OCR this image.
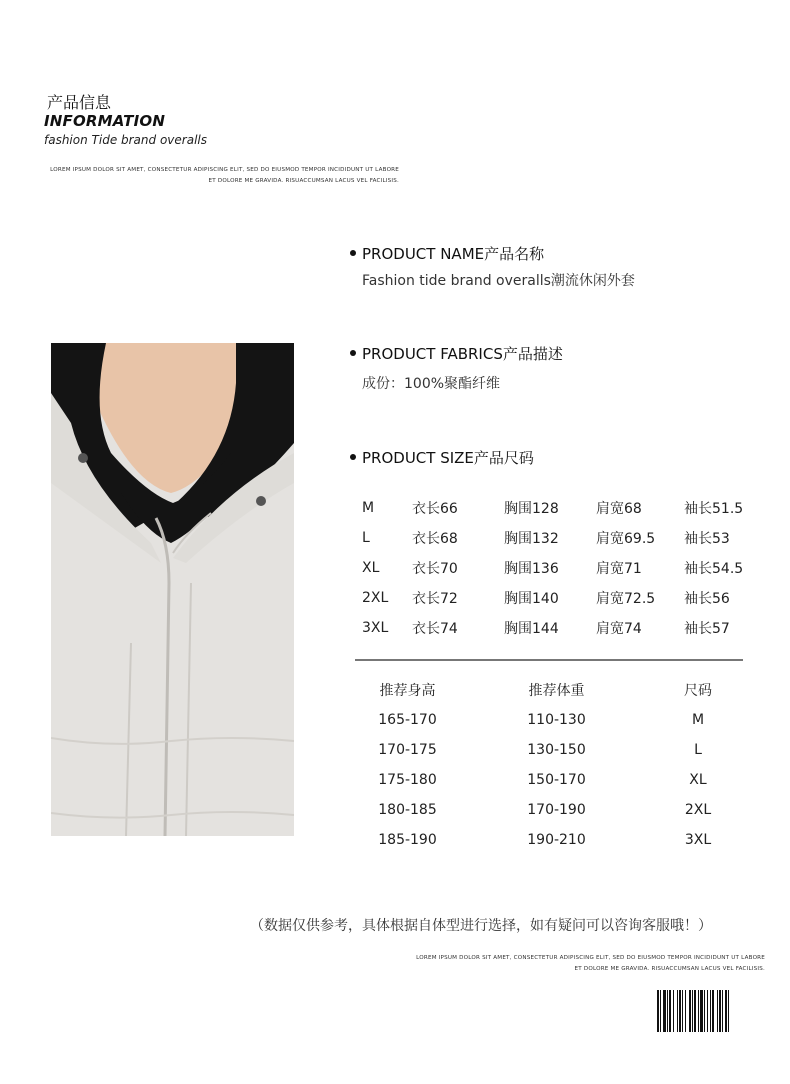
产品信息
INFORMATION
fashion Tide brand overalls
LOREM IPSUM DOLOR SIT AMET, CONSECTETUR ADIPISCING ELIT, SED DO EIUSMOD TEMPOR INCIDIDUNT UT LABORE
ET DOLORE ME GRAVIDA. RISUACCUMSAN LACUS VEL FACILISIS.
PRODUCT NAME产品名称
Fashion tide brand overalls潮流休闲外套
PRODUCT FABRICS产品描述
成份：100%聚酯纤维
PRODUCT SIZE产品尺码
M	衣长66	胸围128	肩宽68	袖长51.5
L	衣长68	胸围132	肩宽69.5	袖长53
XL	衣长70	胸围136	肩宽71	袖长54.5
2XL	衣长72	胸围140	肩宽72.5	袖长56
3XL	衣长74	胸围144	肩宽74	袖长57
推荐身高	推荐体重	尺码
165-170	110-130	M
170-175	130-150	L
175-180	150-170	XL
180-185	170-190	2XL
185-190	190-210	3XL
（数据仅供参考，具体根据自体型进行选择，如有疑问可以咨询客服哦！）
LOREM IPSUM DOLOR SIT AMET, CONSECTETUR ADIPISCING ELIT, SED DO EIUSMOD TEMPOR INCIDIDUNT UT LABORE
ET DOLORE ME GRAVIDA. RISUACCUMSAN LACUS VEL FACILISIS.
